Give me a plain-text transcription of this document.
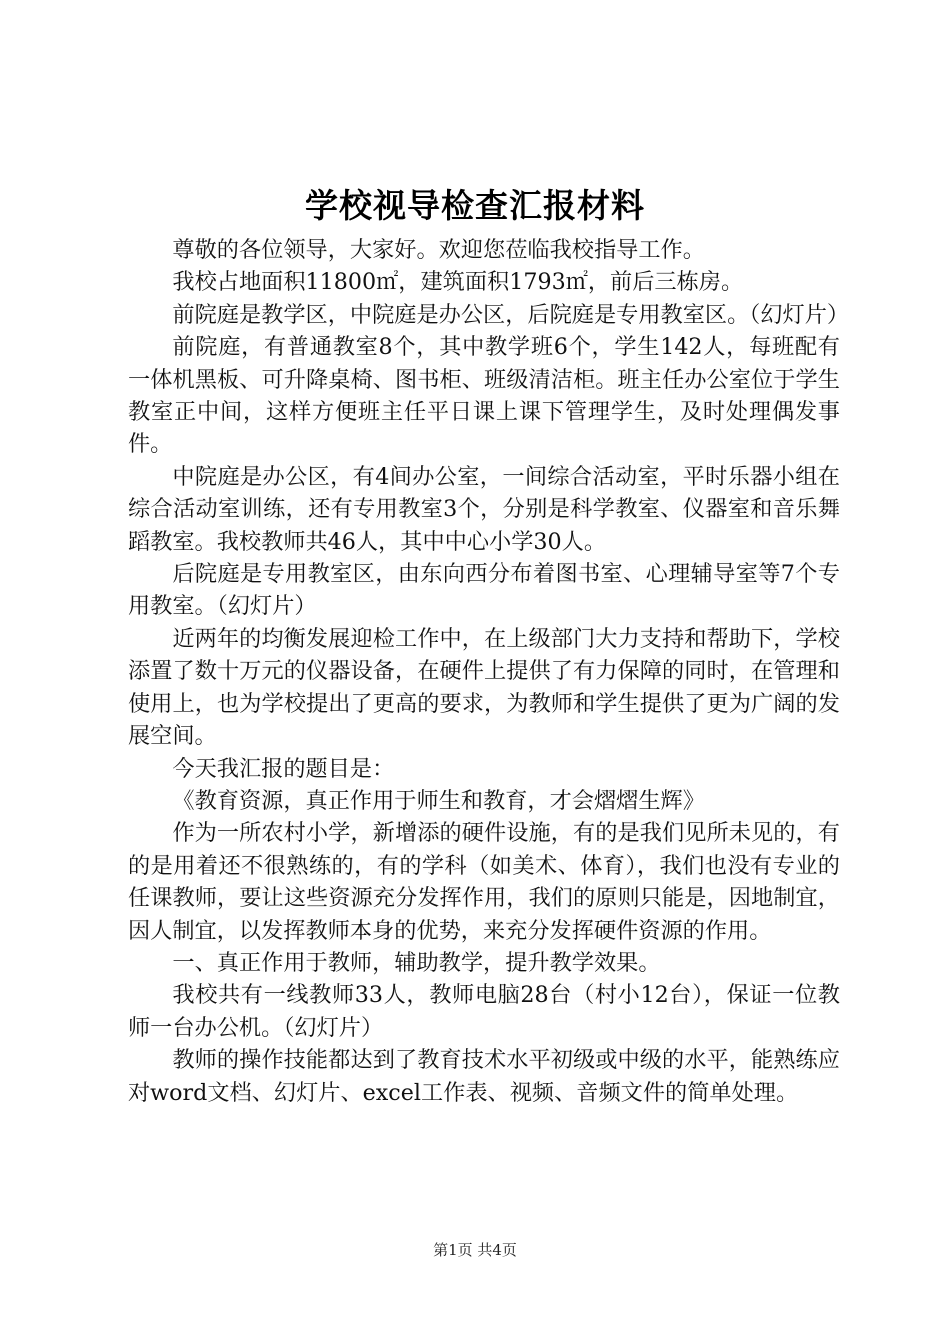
学校视导检查汇报材料

尊敬的各位领导，大家好。欢迎您莅临我校指导工作。

我校占地面积11800㎡，建筑面积1793㎡，前后三栋房。

前院庭是教学区，中院庭是办公区，后院庭是专用教室区。（幻灯片）

前院庭，有普通教室8个，其中教学班6个，学生142人，每班配有一体机黑板、可升降桌椅、图书柜、班级清洁柜。班主任办公室位于学生教室正中间，这样方便班主任平日课上课下管理学生，及时处理偶发事件。

中院庭是办公区，有4间办公室，一间综合活动室，平时乐器小组在综合活动室训练，还有专用教室3个，分别是科学教室、仪器室和音乐舞蹈教室。我校教师共46人，其中中心小学30人。

后院庭是专用教室区，由东向西分布着图书室、心理辅导室等7个专用教室。（幻灯片）

近两年的均衡发展迎检工作中，在上级部门大力支持和帮助下，学校添置了数十万元的仪器设备，在硬件上提供了有力保障的同时，在管理和使用上，也为学校提出了更高的要求，为教师和学生提供了更为广阔的发展空间。

今天我汇报的题目是：

《教育资源，真正作用于师生和教育，才会熠熠生辉》

作为一所农村小学，新增添的硬件设施，有的是我们见所未见的，有的是用着还不很熟练的，有的学科（如美术、体育），我们也没有专业的任课教师，要让这些资源充分发挥作用，我们的原则只能是，因地制宜，因人制宜，以发挥教师本身的优势，来充分发挥硬件资源的作用。

一、真正作用于教师，辅助教学，提升教学效果。

我校共有一线教师33人，教师电脑28台（村小12台），保证一位教师一台办公机。（幻灯片）

教师的操作技能都达到了教育技术水平初级或中级的水平，能熟练应对word文档、幻灯片、excel工作表、视频、音频文件的简单处理。

第1页 共4页
